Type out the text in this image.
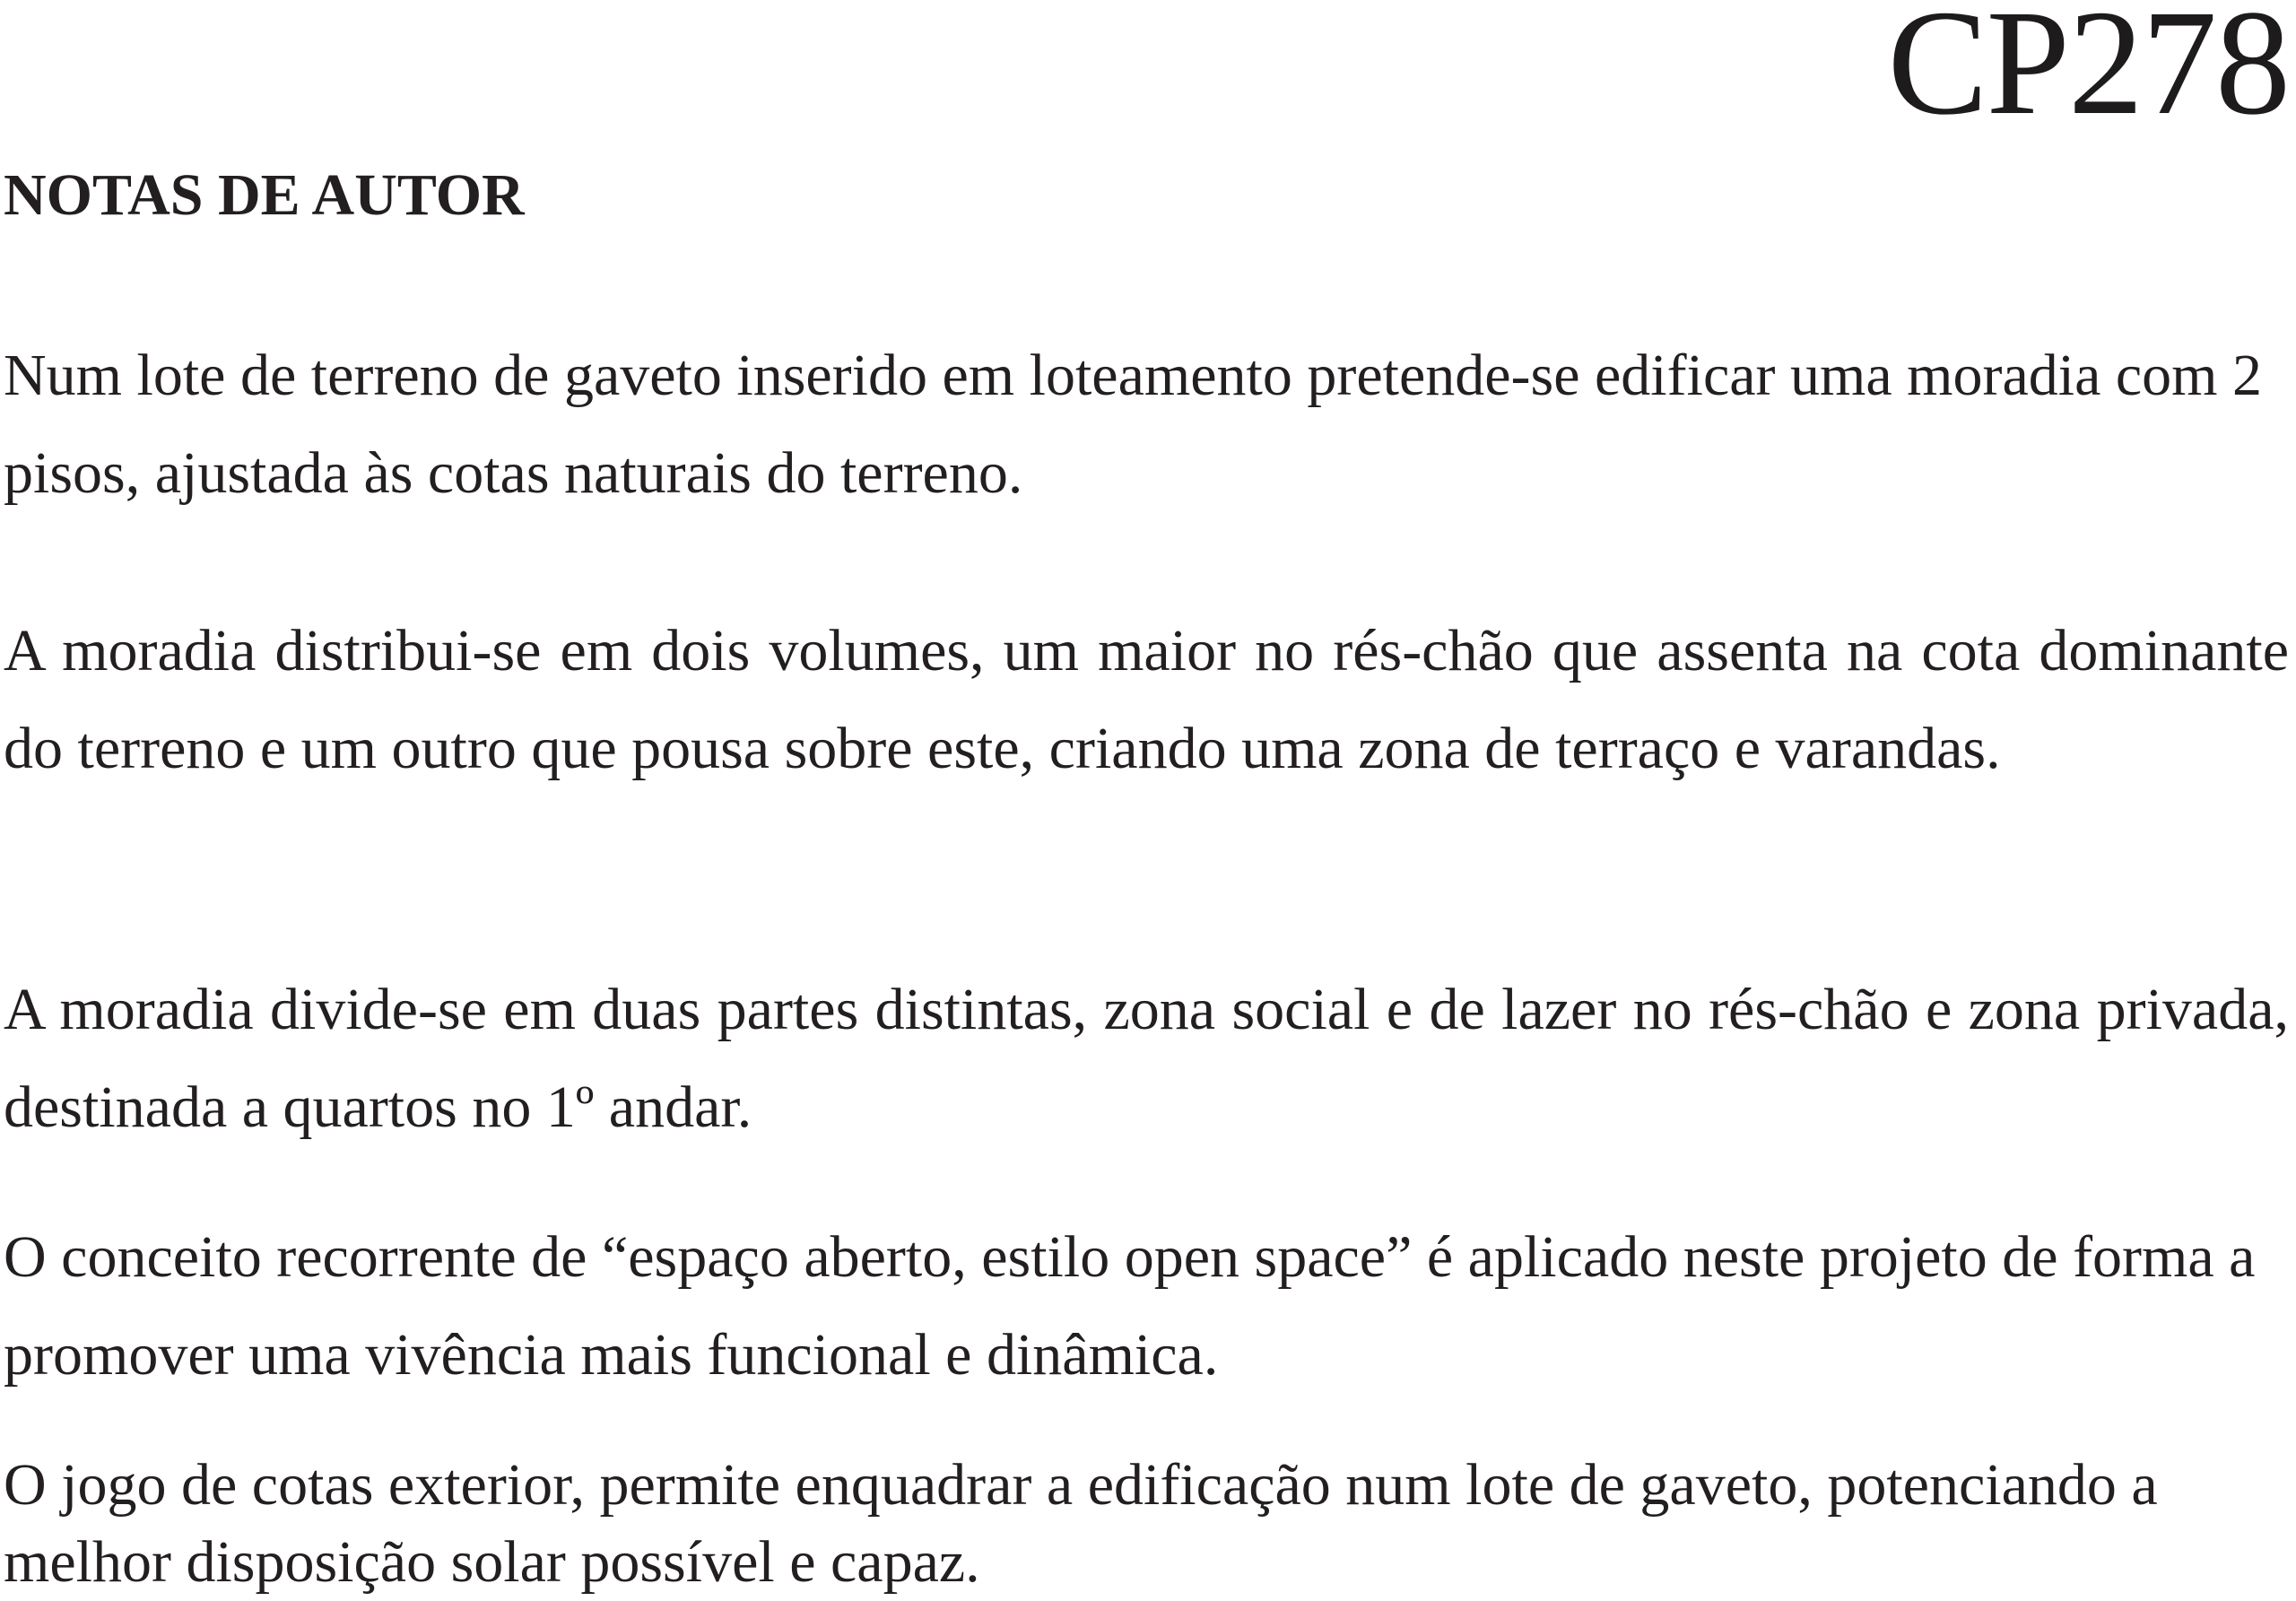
CP278
NOTAS DE AUTOR

Num lote de terreno de gaveto inserido em loteamento pretende-se edificar uma moradia com 2 pisos, ajustada às cotas naturais do terreno.

A moradia distribui-se em dois volumes, um maior no rés-chão que assenta na cota dominante do terreno e um outro que pousa sobre este, criando uma zona de terraço e varandas.

A moradia divide-se em duas partes distintas, zona social e de lazer no rés-chão e zona privada, destinada a quartos no 1º andar.

O conceito recorrente de “espaço aberto, estilo open space” é aplicado neste projeto de forma a promover uma vivência mais funcional e dinâmica.

O jogo de cotas exterior, permite enquadrar a edificação num lote de gaveto, potenciando a melhor disposição solar possível e capaz.
